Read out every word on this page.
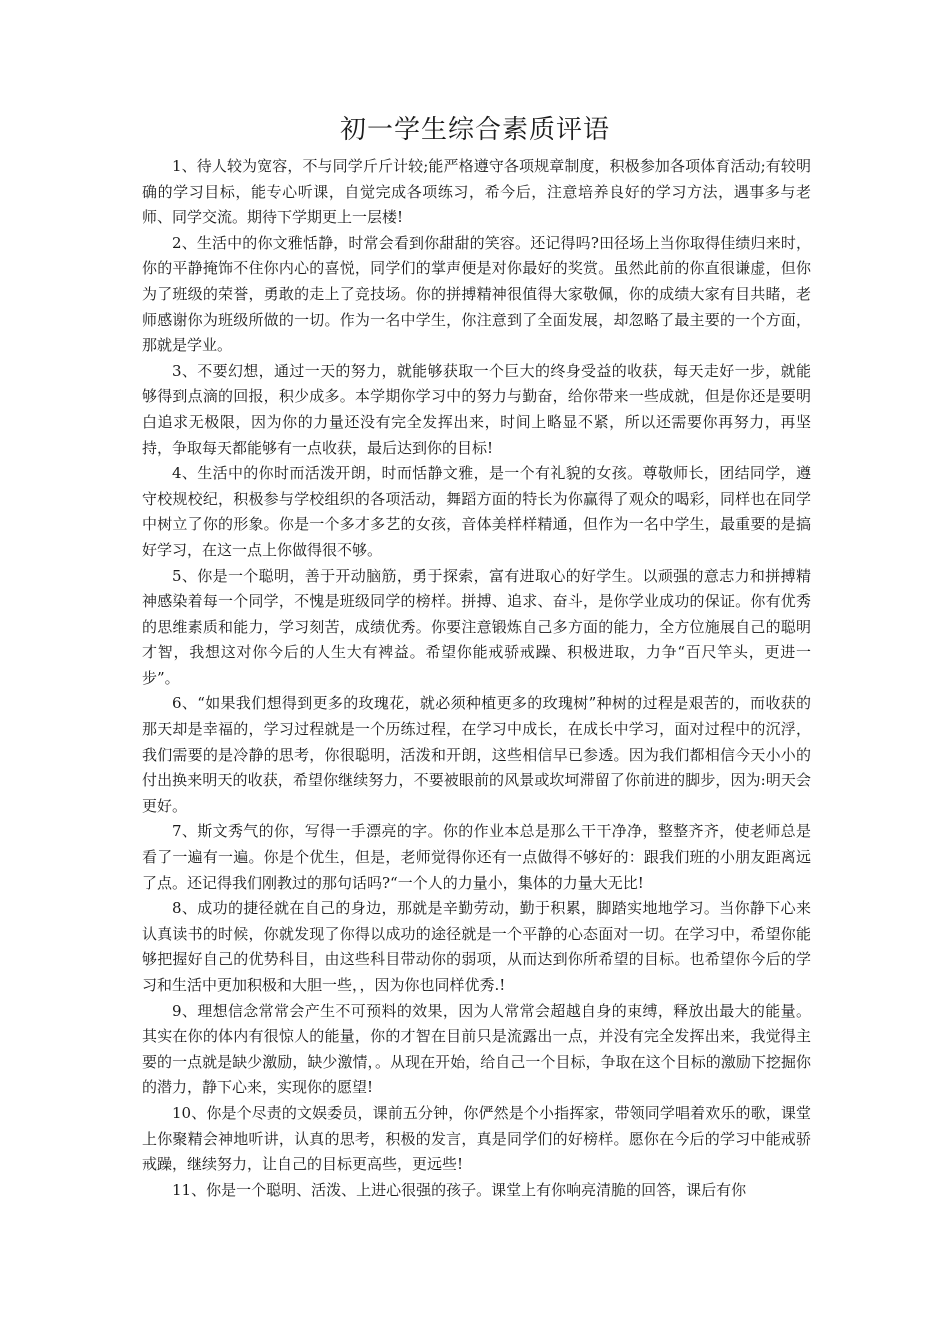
初一学生综合素质评语

1、待人较为宽容，不与同学斤斤计较;能严格遵守各项规章制度，积极参加各项体育活动;有较明确的学习目标，能专心听课，自觉完成各项练习，希今后，注意培养良好的学习方法，遇事多与老师、同学交流。期待下学期更上一层楼!

2、生活中的你文雅恬静，时常会看到你甜甜的笑容。还记得吗?田径场上当你取得佳绩归来时，你的平静掩饰不住你内心的喜悦，同学们的掌声便是对你最好的奖赏。虽然此前的你直很谦虚，但你为了班级的荣誉，勇敢的走上了竞技场。你的拼搏精神很值得大家敬佩，你的成绩大家有目共睹，老师感谢你为班级所做的一切。作为一名中学生，你注意到了全面发展，却忽略了最主要的一个方面，那就是学业。

3、不要幻想，通过一天的努力，就能够获取一个巨大的终身受益的收获，每天走好一步，就能够得到点滴的回报，积少成多。本学期你学习中的努力与勤奋，给你带来一些成就，但是你还是要明白追求无极限，因为你的力量还没有完全发挥出来，时间上略显不紧，所以还需要你再努力，再坚持，争取每天都能够有一点收获，最后达到你的目标!

4、生活中的你时而活泼开朗，时而恬静文雅，是一个有礼貌的女孩。尊敬师长，团结同学，遵守校规校纪，积极参与学校组织的各项活动，舞蹈方面的特长为你赢得了观众的喝彩，同样也在同学中树立了你的形象。你是一个多才多艺的女孩，音体美样样精通，但作为一名中学生，最重要的是搞好学习，在这一点上你做得很不够。

5、你是一个聪明，善于开动脑筋，勇于探索，富有进取心的好学生。以顽强的意志力和拼搏精神感染着每一个同学，不愧是班级同学的榜样。拼搏、追求、奋斗，是你学业成功的保证。你有优秀的思维素质和能力，学习刻苦，成绩优秀。你要注意锻炼自己多方面的能力，全方位施展自己的聪明才智，我想这对你今后的人生大有裨益。希望你能戒骄戒躁、积极进取，力争“百尺竿头，更进一步”。

6、“如果我们想得到更多的玫瑰花，就必须种植更多的玫瑰树”种树的过程是艰苦的，而收获的那天却是幸福的，学习过程就是一个历练过程，在学习中成长，在成长中学习，面对过程中的沉浮，我们需要的是冷静的思考，你很聪明，活泼和开朗，这些相信早已参透。因为我们都相信今天小小的付出换来明天的收获，希望你继续努力，不要被眼前的风景或坎坷滞留了你前进的脚步，因为:明天会更好。

7、斯文秀气的你，写得一手漂亮的字。你的作业本总是那么干干净净，整整齐齐，使老师总是看了一遍有一遍。你是个优生，但是，老师觉得你还有一点做得不够好的：跟我们班的小朋友距离远了点。还记得我们刚教过的那句话吗?“一个人的力量小，集体的力量大无比!

8、成功的捷径就在自己的身边，那就是辛勤劳动，勤于积累，脚踏实地地学习。当你静下心来认真读书的时候，你就发现了你得以成功的途径就是一个平静的心态面对一切。在学习中，希望你能够把握好自己的优势科目，由这些科目带动你的弱项，从而达到你所希望的目标。也希望你今后的学习和生活中更加积极和大胆一些，，因为你也同样优秀.!

9、理想信念常常会产生不可预料的效果，因为人常常会超越自身的束缚，释放出最大的能量。其实在你的体内有很惊人的能量，你的才智在目前只是流露出一点，并没有完全发挥出来，我觉得主要的一点就是缺少激励，缺少激情，。从现在开始，给自己一个目标，争取在这个目标的激励下挖掘你的潜力，静下心来，实现你的愿望!

10、你是个尽责的文娱委员，课前五分钟，你俨然是个小指挥家，带领同学唱着欢乐的歌，课堂上你聚精会神地听讲，认真的思考，积极的发言，真是同学们的好榜样。愿你在今后的学习中能戒骄戒躁，继续努力，让自己的目标更高些，更远些!

11、你是一个聪明、活泼、上进心很强的孩子。课堂上有你响亮清脆的回答，课后有你
